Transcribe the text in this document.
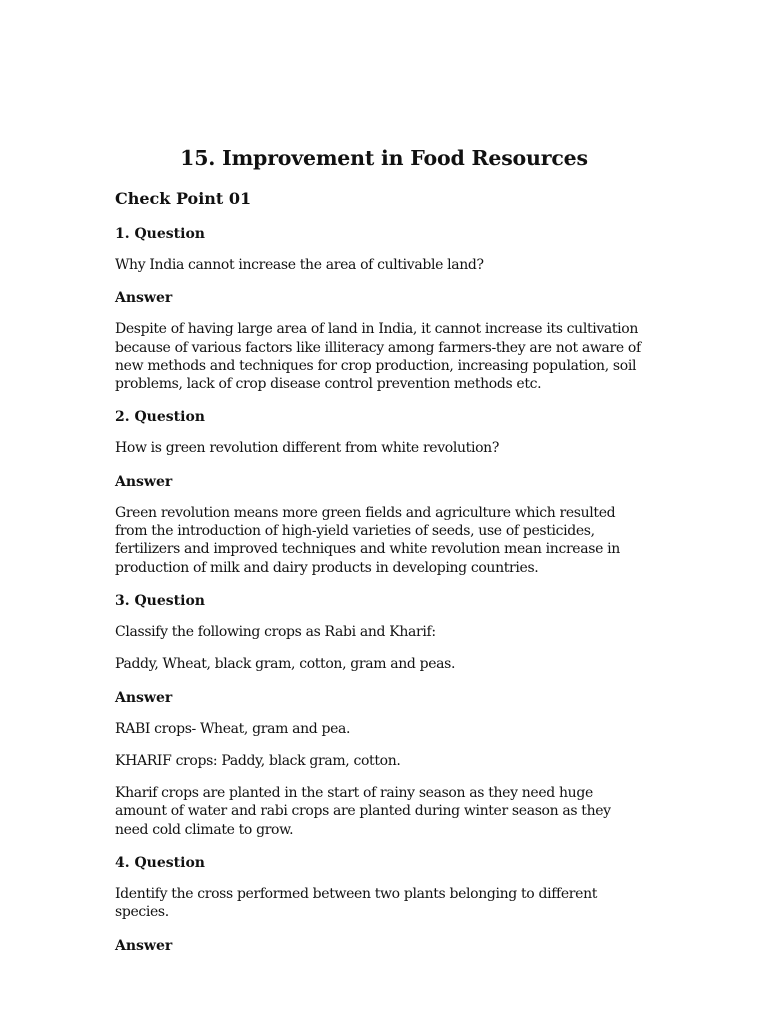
15. Improvement in Food Resources
Check Point 01
1. Question
Why India cannot increase the area of cultivable land?
Answer
Despite of having large area of land in India, it cannot increase its cultivation
because of various factors like illiteracy among farmers-they are not aware of
new methods and techniques for crop production, increasing population, soil
problems, lack of crop disease control prevention methods etc.
2. Question
How is green revolution different from white revolution?
Answer
Green revolution means more green fields and agriculture which resulted
from the introduction of high-yield varieties of seeds, use of pesticides,
fertilizers and improved techniques and white revolution mean increase in
production of milk and dairy products in developing countries.
3. Question
Classify the following crops as Rabi and Kharif:
Paddy, Wheat, black gram, cotton, gram and peas.
Answer
RABI crops- Wheat, gram and pea.
KHARIF crops: Paddy, black gram, cotton.
Kharif crops are planted in the start of rainy season as they need huge
amount of water and rabi crops are planted during winter season as they
need cold climate to grow.
4. Question
Identify the cross performed between two plants belonging to different
species.
Answer
